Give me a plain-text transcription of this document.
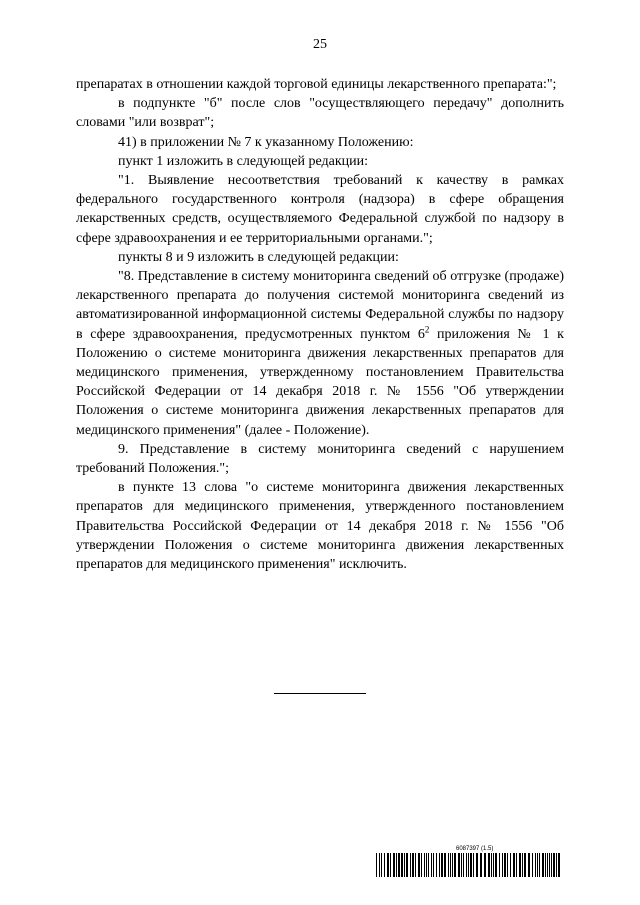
25

препаратах в отношении каждой торговой единицы лекарственного препарата:";

в подпункте "б" после слов "осуществляющего передачу" дополнить словами "или возврат";

41) в приложении № 7 к указанному Положению:

пункт 1 изложить в следующей редакции:

"1. Выявление несоответствия требований к качеству в рамках федерального государственного контроля (надзора) в сфере обращения лекарственных средств, осуществляемого Федеральной службой по надзору в сфере здравоохранения и ее территориальными органами.";

пункты 8 и 9 изложить в следующей редакции:

"8. Представление в систему мониторинга сведений об отгрузке (продаже) лекарственного препарата до получения системой мониторинга сведений из автоматизированной информационной системы Федеральной службы по надзору в сфере здравоохранения, предусмотренных пунктом $6^2$ приложения № 1 к Положению о системе мониторинга движения лекарственных препаратов для медицинского применения, утвержденному постановлением Правительства Российской Федерации от 14 декабря 2018 г. № 1556 "Об утверждении Положения о системе мониторинга движения лекарственных препаратов для медицинского применения" (далее - Положение).

9. Представление в систему мониторинга сведений с нарушением требований Положения.";

в пункте 13 слова "о системе мониторинга движения лекарственных препаратов для медицинского применения, утвержденного постановлением Правительства Российской Федерации от 14 декабря 2018 г. № 1556 "Об утверждении Положения о системе мониторинга движения лекарственных препаратов для медицинского применения" исключить.

6087397 (1.5)
